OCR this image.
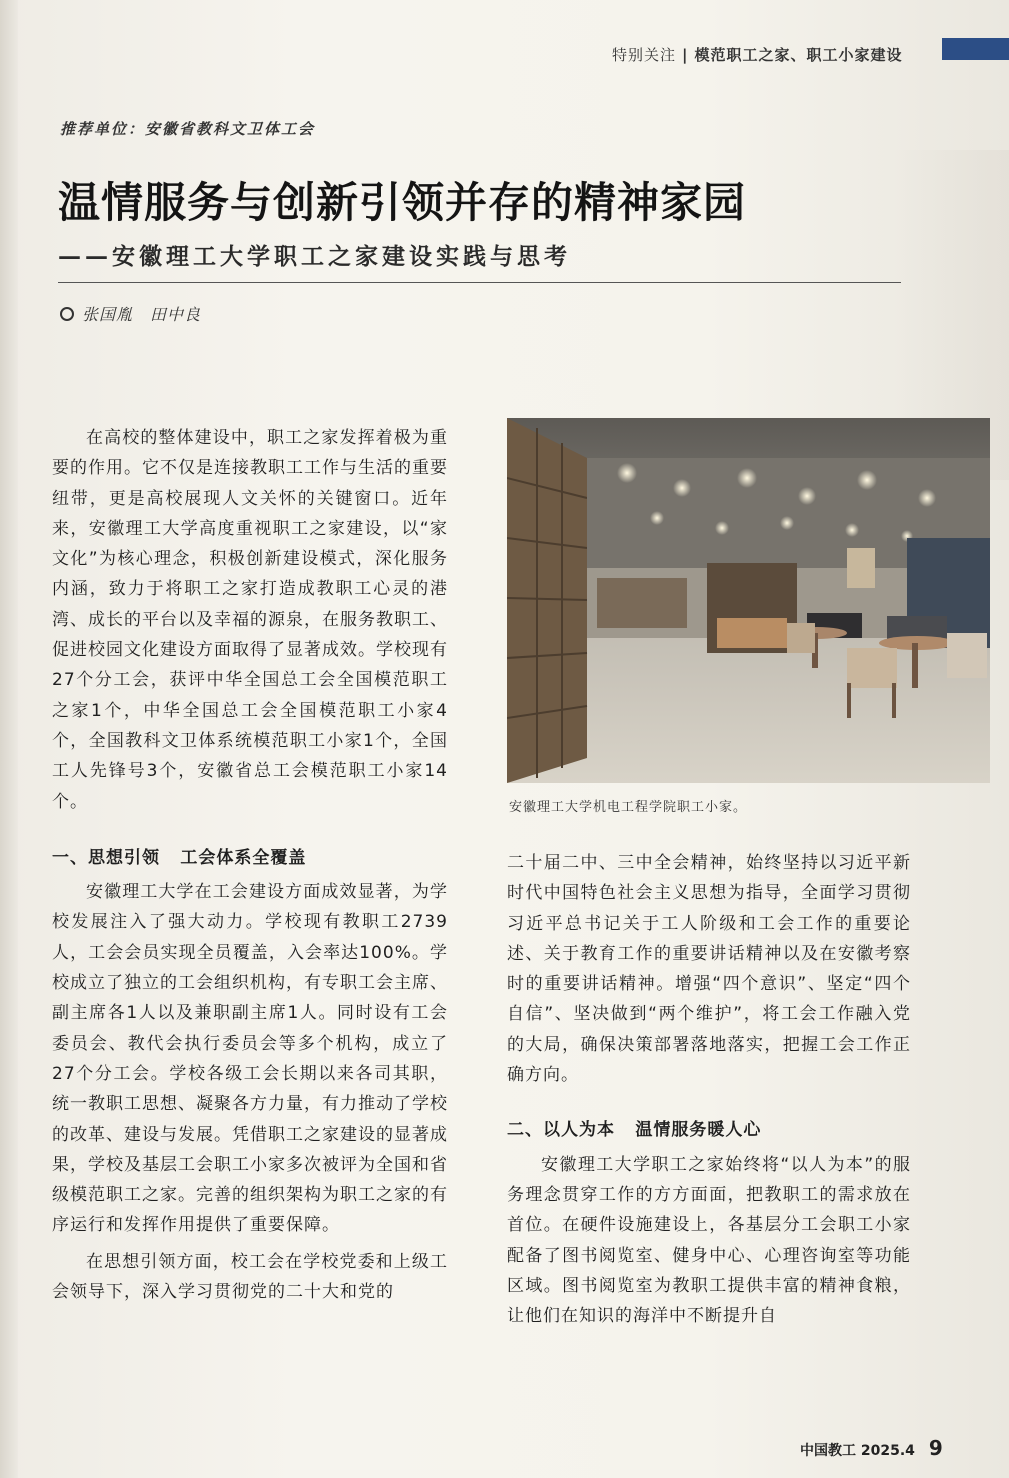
特别关注 | 模范职工之家、职工小家建设
推荐单位：安徽省教科文卫体工会
温情服务与创新引领并存的精神家园
——安徽理工大学职工之家建设实践与思考
张国胤　田中良

在高校的整体建设中，职工之家发挥着极为重要的作用。它不仅是连接教职工工作与生活的重要纽带，更是高校展现人文关怀的关键窗口。近年来，安徽理工大学高度重视职工之家建设，以“家文化”为核心理念，积极创新建设模式，深化服务内涵，致力于将职工之家打造成教职工心灵的港湾、成长的平台以及幸福的源泉，在服务教职工、促进校园文化建设方面取得了显著成效。学校现有27个分工会，获评中华全国总工会全国模范职工之家1个，中华全国总工会全国模范职工小家4个，全国教科文卫体系统模范职工小家1个，全国工人先锋号3个，安徽省总工会模范职工小家14个。

一、思想引领 工会体系全覆盖

安徽理工大学在工会建设方面成效显著，为学校发展注入了强大动力。学校现有教职工2739人，工会会员实现全员覆盖，入会率达100%。学校成立了独立的工会组织机构，有专职工会主席、副主席各1人以及兼职副主席1人。同时设有工会委员会、教代会执行委员会等多个机构，成立了27个分工会。学校各级工会长期以来各司其职，统一教职工思想、凝聚各方力量，有力推动了学校的改革、建设与发展。凭借职工之家建设的显著成果，学校及基层工会职工小家多次被评为全国和省级模范职工之家。完善的组织架构为职工之家的有序运行和发挥作用提供了重要保障。

在思想引领方面，校工会在学校党委和上级工会领导下，深入学习贯彻党的二十大和党的

安徽理工大学机电工程学院职工小家。

二十届二中、三中全会精神，始终坚持以习近平新时代中国特色社会主义思想为指导，全面学习贯彻习近平总书记关于工人阶级和工会工作的重要论述、关于教育工作的重要讲话精神以及在安徽考察时的重要讲话精神。增强“四个意识”、坚定“四个自信”、坚决做到“两个维护”，将工会工作融入党的大局，确保决策部署落地落实，把握工会工作正确方向。

二、以人为本 温情服务暖人心

安徽理工大学职工之家始终将“以人为本”的服务理念贯穿工作的方方面面，把教职工的需求放在首位。在硬件设施建设上，各基层分工会职工小家配备了图书阅览室、健身中心、心理咨询室等功能区域。图书阅览室为教职工提供丰富的精神食粮，让他们在知识的海洋中不断提升自

中国教工
2025.4 9
